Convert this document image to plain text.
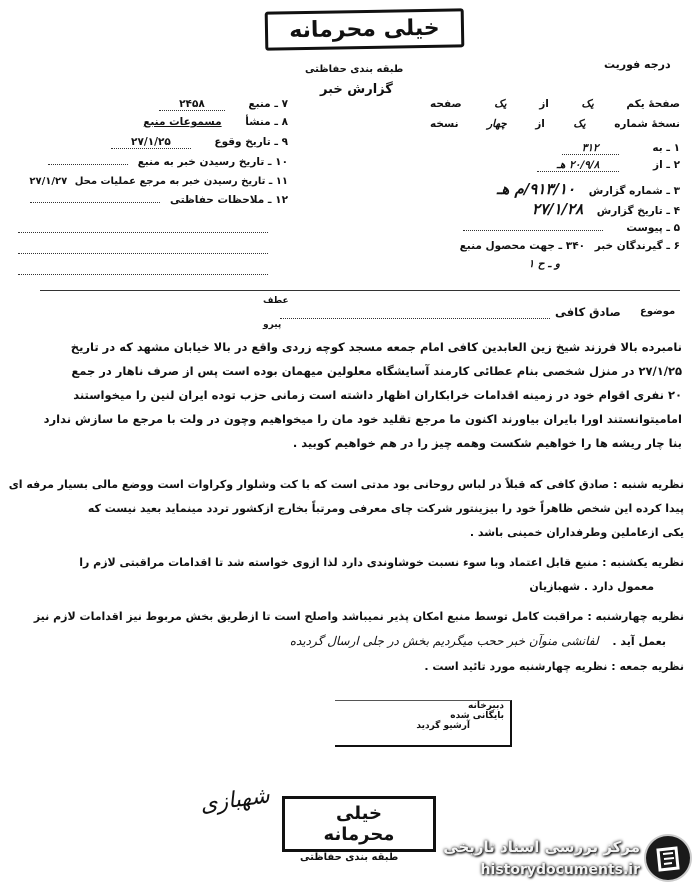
خیلی محرمانه
طبقه بندی حفاظتی	درجه فوریت
گزارش خبر
صفحهٔ یکم
یک
از
یک
صفحه
نسخهٔ شماره
یک
از
چهار
نسخه
۱ ـ به ۳۱۲
۲ ـ از ۲۰/۹/۸ هـ
۳ ـ شماره گزارش ۹۱۳/۱۰/م هـ
۴ ـ تاریخ گزارش ۲۷/۱/۲۸
۵ ـ پیوست
۶ ـ گیرندگان خبر ۳۴۰ ـ جهت محصول منبع
و ـ ح ۱
۷ ـ منبع ۲۴۵۸
۸ ـ منشأ مسموعات منبع
۹ ـ تاریخ وقوع ۲۷/۱/۲۵
۱۰ ـ تاریخ رسیدن خبر به منبع
۱۱ ـ تاریخ رسیدن خبر به مرجع عملیات محل ۲۷/۱/۲۷
۱۲ ـ ملاحظات حفاظتی
موضوع
صادق کافی
عطف
پیرو
نامبرده بالا فرزند شیخ زین العابدین کافی امام جمعه مسجد کوچه زردی واقع در بالا خیابان مشهد که در تاریخ
۲۷/۱/۲۵ در منزل شخصی بنام عطائی کارمند آسایشگاه معلولین میهمان بوده است پس از صرف ناهار در جمع
۲۰ نفری اقوام خود در زمینه اقدامات خرابکاران اظهار داشته است زمانی حزب توده ایران لنین را میخواستند
امامیتوانستند اورا بایران بیاورند اکنون ما مرجع تقلید خود مان را میخواهیم وچون در ولت با مرجع ما سازش ندارد
بنا چار ریشه ها را خواهیم شکست وهمه چیز را در هم خواهیم کوبید .
نظریه شنبه : صادق کافی که قبلاً در لباس روحانی بود مدتی است که با کت وشلوار وکراوات است ووضع مالی بسیار مرفه ای
پیدا کرده این شخص ظاهراً خود را بیزینتور شرکت چای معرفی ومرتباً بخارج ازکشور تردد مینماید بعید نیست که
یکی ازعاملین وطرفداران خمینی باشد .
نظریه یکشنبه : منبع قابل اعتماد وبا سوء نسبت خوشاوندی دارد لذا ازوی خواسته شد تا اقدامات مراقبتی لازم را
معمول دارد . شهبازیان
نظریه چهارشنبه : مراقبت کامل توسط منبع امکان پذیر نمیباشد واصلح است تا ازطریق بخش مربوط نیز اقدامات لازم نیز
بعمل آید . لفانشی منوآن خبر ححب میگردیم بخش در جلی ارسال گردیده
نظریه جمعه : نظریه چهارشنبه مورد تائید است .
دبیرخانه
بایگانی شده
آرشیو گردید
شهبازی	خیلی محرمانه
طبقه بندی حفاظتی
مرکز بررسی اسناد تاریخی
historydocuments.ir
